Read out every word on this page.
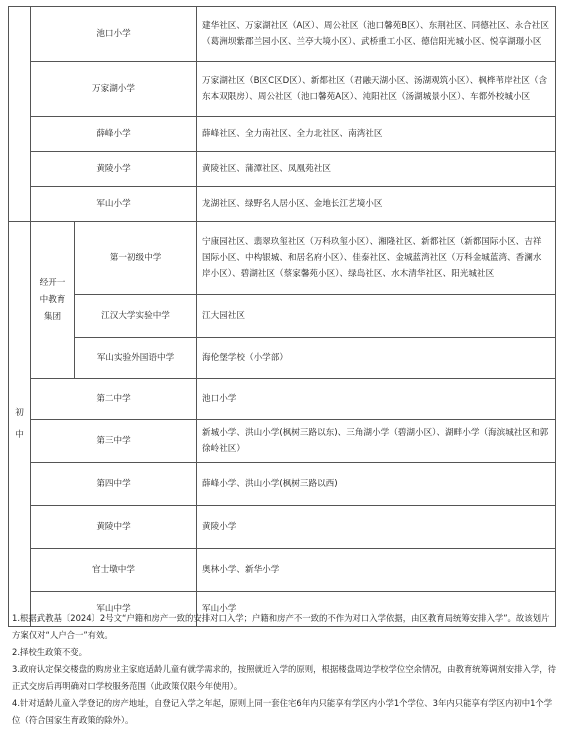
	池口小学		建华社区、万家湖社区（A区）、周公社区（池口馨苑B区）、东荆社区、同德社区、永合社区（葛洲坝紫郡兰园小区、兰亭大境小区）、武桥重工小区、德信阳光城小区、悦享湖璟小区
	万家湖小学		万家湖社区（B区C区D区）、新都社区（君融天湖小区、汤湖观筑小区）、枫桦苇岸社区（含东本双限房）、周公社区（池口馨苑A区）、沌阳社区（汤湖城景小区）、车都外校城小区
	薛峰小学		薛峰社区、全力南社区、全力北社区、南湾社区
	黄陵小学		黄陵社区、蒲潭社区、凤凰苑社区
	军山小学		龙湖社区、绿野名人居小区、金地长江艺境小区

初中	经开一中教育集团	第一初级中学	宁康园社区、翡翠玖玺社区（万科玖玺小区）、湘隆社区、新都社区（新都国际小区、吉祥国际小区、中构银城、和居名府小区）、佳泰社区、金城蓝湾社区（万科金城蓝湾、香澜水岸小区）、碧湖社区（蔡家馨苑小区）、绿岛社区、水木清华社区、阳光城社区
		江汉大学实验中学	江大园社区
		军山实验外国语中学	海伦堡学校（小学部）
	第二中学		池口小学
	第三中学		新城小学、洪山小学(枫树三路以东)、三角湖小学（碧湖小区）、湖畔小学（海滨城社区和郭徐岭社区）
	第四中学		薛峰小学、洪山小学(枫树三路以西)
	黄陵中学		黄陵小学
	官士墩中学		奥林小学、新华小学
	军山中学		军山小学

1.根据武教基〔2024〕2号文“户籍和房产一致的安排对口入学；户籍和房产不一致的不作为对口入学依据，由区教育局统筹安排入学”。故该划片方案仅对“人户合一”有效。

2.择校生政策不变。

3.政府认定保交楼盘的购房业主家庭适龄儿童有就学需求的，按照就近入学的原则，根据楼盘周边学校学位空余情况，由教育统筹调剂安排入学，待正式交房后再明确对口学校服务范围（此政策仅限今年使用）。

4.针对适龄儿童入学登记的房产地址，自登记入学之年起，原则上同一套住宅6年内只能享有学区内小学1个学位、3年内只能享有学区内初中1个学位（符合国家生育政策的除外）。
